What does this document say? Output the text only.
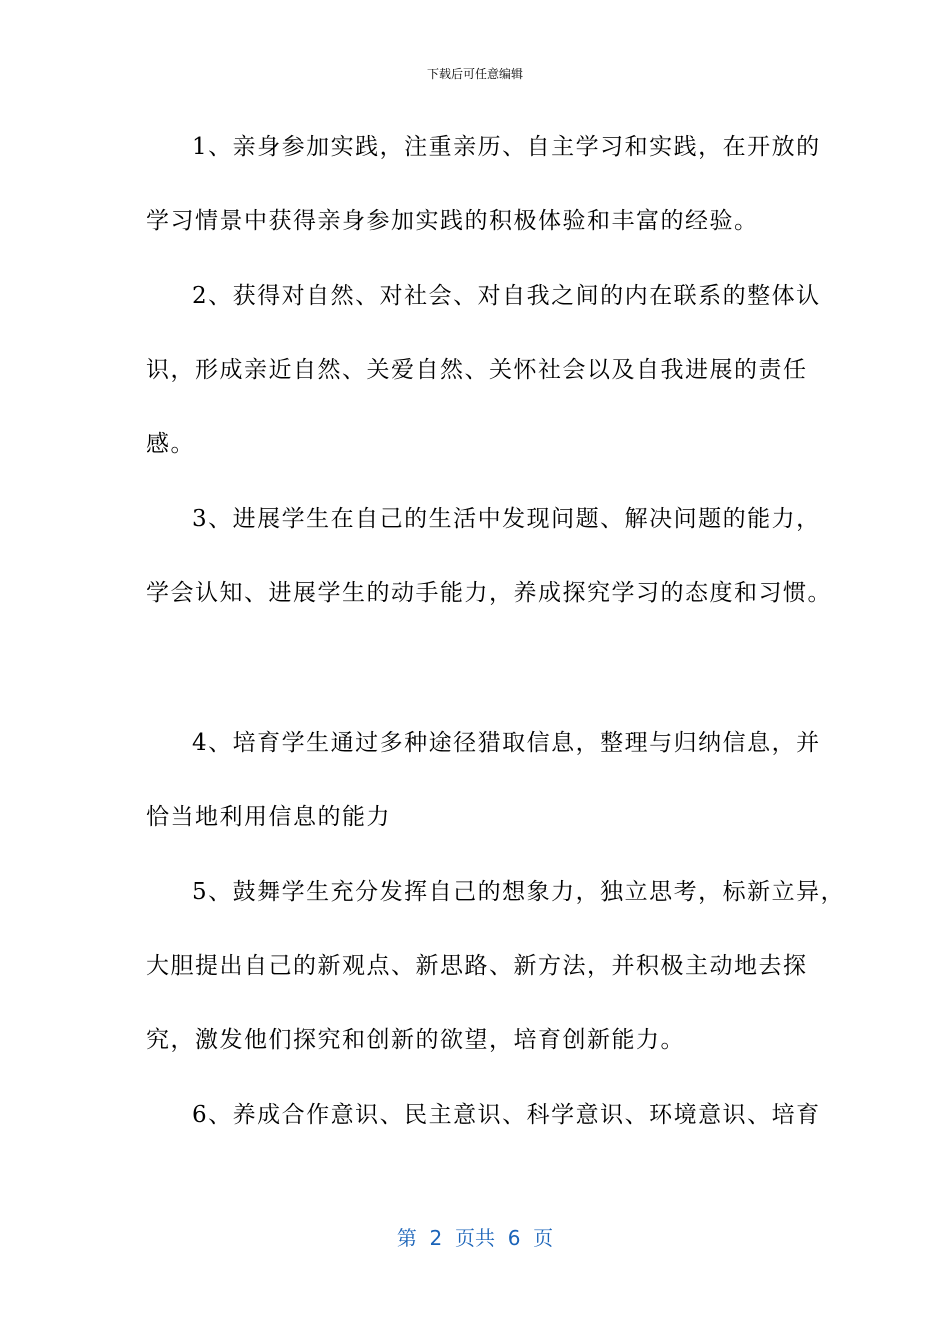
下载后可任意编辑
1、亲身参加实践，注重亲历、自主学习和实践，在开放的
学习情景中获得亲身参加实践的积极体验和丰富的经验。
2、获得对自然、对社会、对自我之间的内在联系的整体认
识，形成亲近自然、关爱自然、关怀社会以及自我进展的责任
感。
3、进展学生在自己的生活中发现问题、解决问题的能力，
学会认知、进展学生的动手能力，养成探究学习的态度和习惯。
4、培育学生通过多种途径猎取信息，整理与归纳信息，并
恰当地利用信息的能力
5、鼓舞学生充分发挥自己的想象力，独立思考，标新立异，
大胆提出自己的新观点、新思路、新方法，并积极主动地去探
究，激发他们探究和创新的欲望，培育创新能力。
6、养成合作意识、民主意识、科学意识、环境意识、培育
第  2  页共  6  页
